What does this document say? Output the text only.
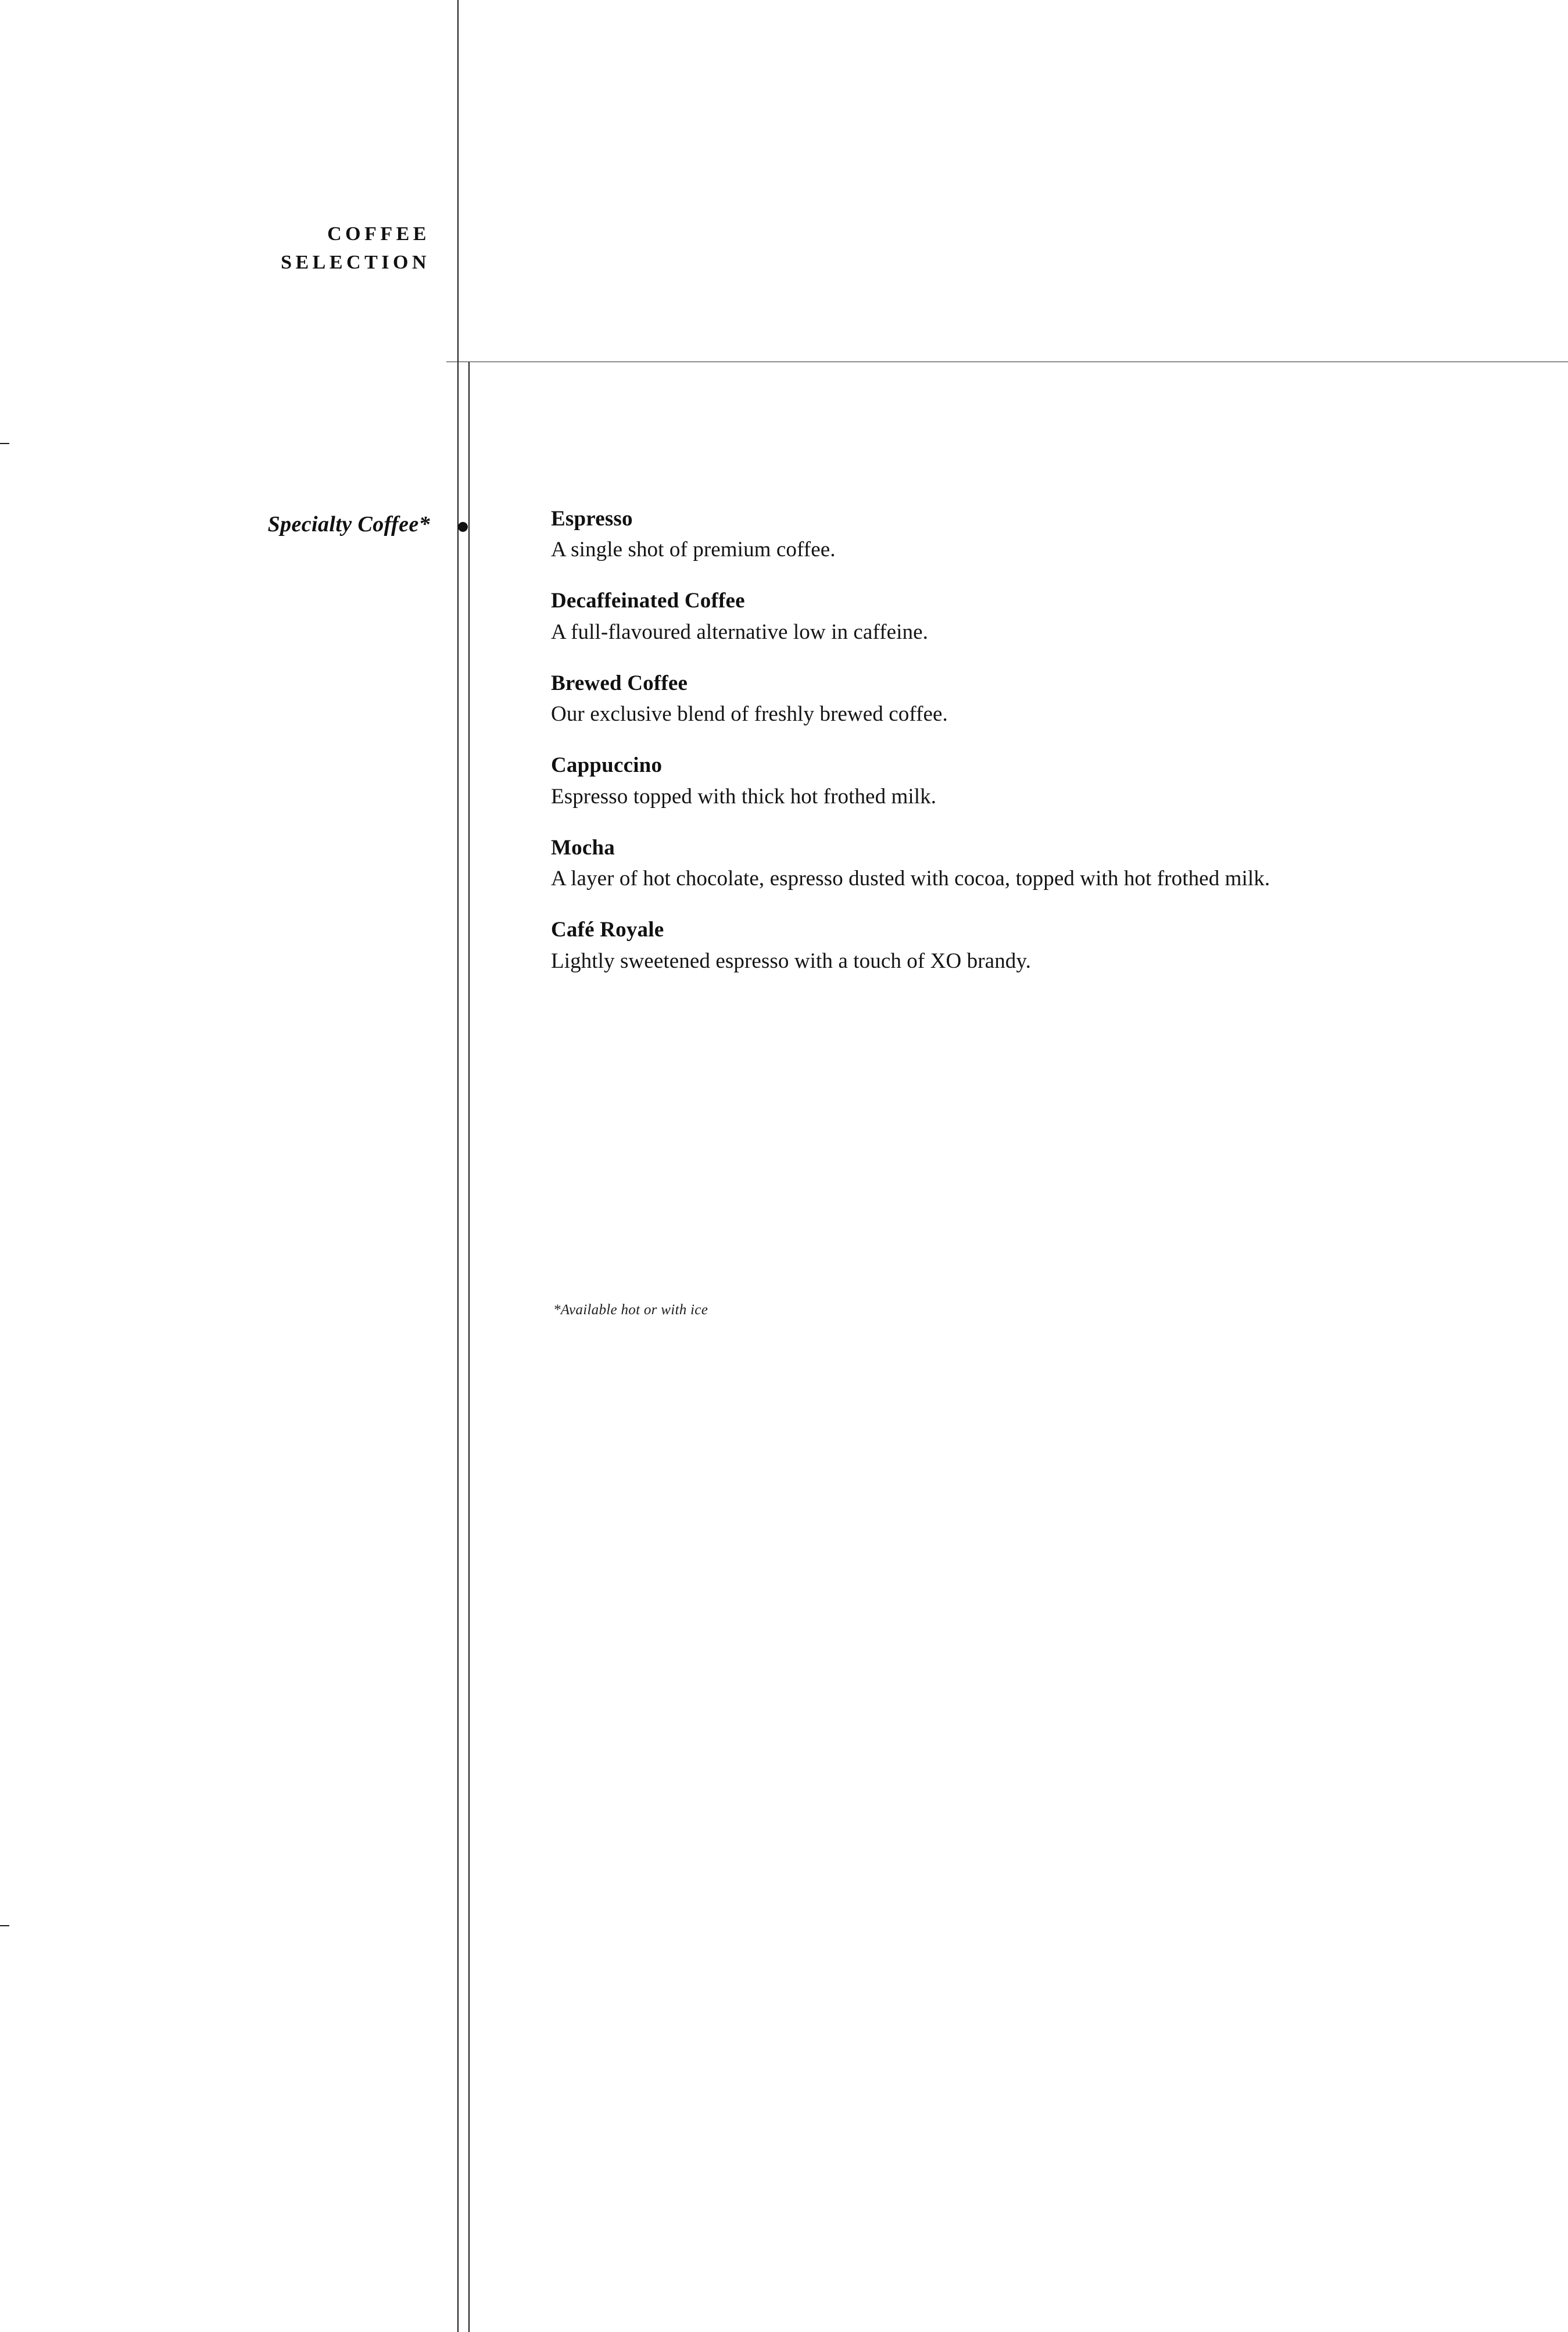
COFFEE
SELECTION
Specialty Coffee*	Espresso

A single shot of premium coffee.

Decaffeinated Coffee

A full-flavoured alternative low in caffeine.

Brewed Coffee

Our exclusive blend of freshly brewed coffee.

Cappuccino

Espresso topped with thick hot frothed milk.

Mocha

A layer of hot chocolate, espresso dusted with cocoa, topped with hot frothed milk.

Café Royale

Lightly sweetened espresso with a touch of XO brandy.

*Available hot or with ice
